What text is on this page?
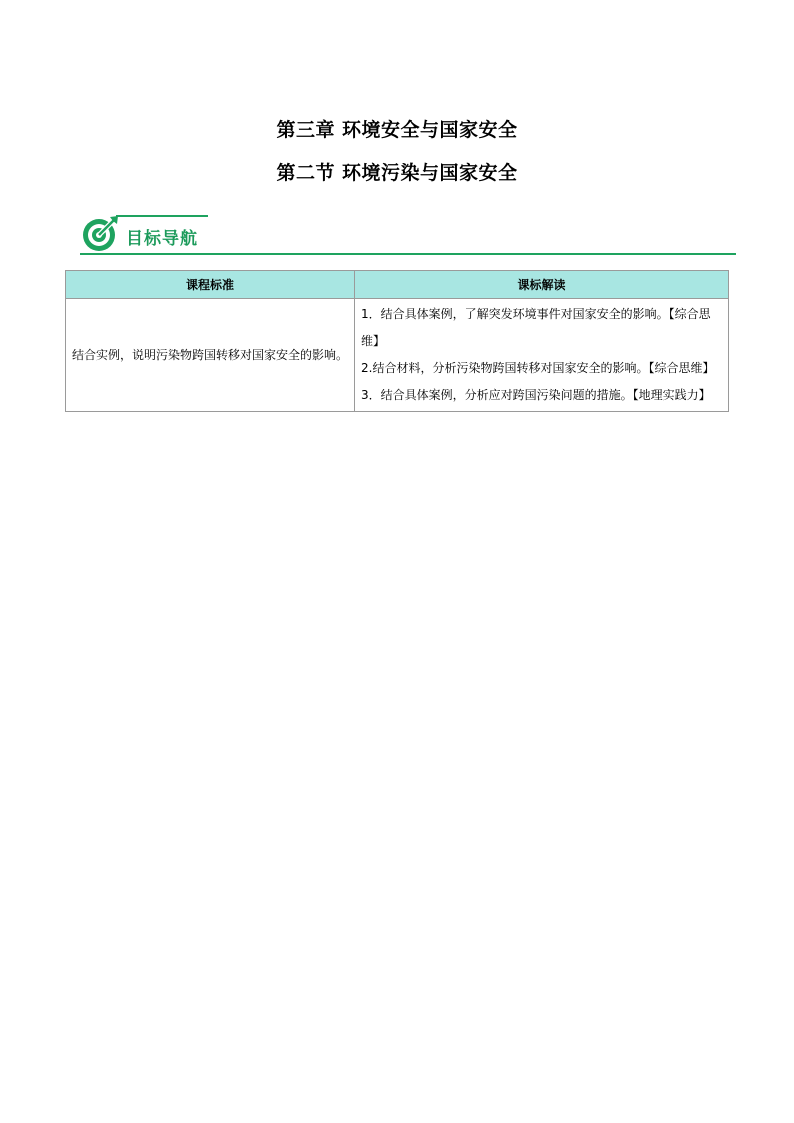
第三章 环境安全与国家安全
第二节 环境污染与国家安全
目标导航
课程标准	课标解读
结合实例，说明污染物跨国转移对国家安全的影响。	1．结合具体案例，了解突发环境事件对国家安全的影响。【综合思维】
2.结合材料，分析污染物跨国转移对国家安全的影响。【综合思维】
3．结合具体案例，分析应对跨国污染问题的措施。【地理实践力】
